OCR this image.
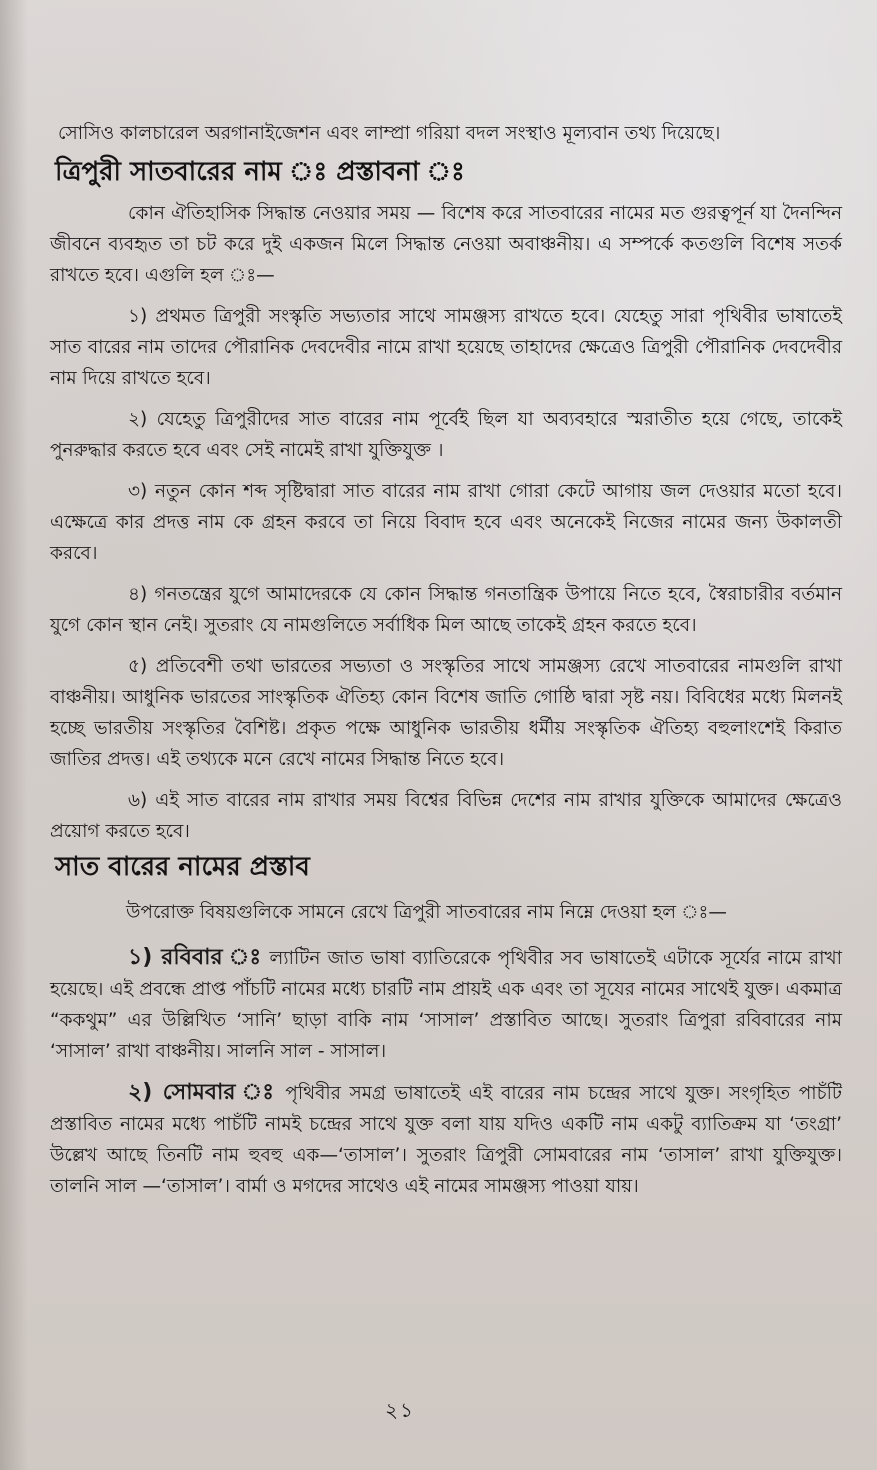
সোসিও কালচারেল অরগানাইজেশন এবং লাম্প্রা গরিয়া বদল সংস্থাও মূল্যবান তথ্য দিয়েছে।

ত্রিপুরী সাতবারের নাম ঃ প্রস্তাবনা ঃ

কোন ঐতিহাসিক সিদ্ধান্ত নেওয়ার সময় — বিশেষ করে সাতবারের নামের মত গুরত্বপূর্ন যা দৈনন্দিন জীবনে ব্যবহৃত তা চট করে দুই একজন মিলে সিদ্ধান্ত নেওয়া অবাঞ্চনীয়। এ সম্পর্কে কতগুলি বিশেষ সতর্ক রাখতে হবে। এগুলি হল ঃ—

১) প্রথমত ত্রিপুরী সংস্কৃতি সভ্যতার সাথে সামঞ্জস্য রাখতে হবে। যেহেতু সারা পৃথিবীর ভাষাতেই সাত বারের নাম তাদের পৌরানিক দেবদেবীর নামে রাখা হয়েছে তাহাদের ক্ষেত্রেও ত্রিপুরী পৌরানিক দেবদেবীর নাম দিয়ে রাখতে হবে।

২) যেহেতু ত্রিপুরীদের সাত বারের নাম পূর্বেই ছিল যা অব্যবহারে স্মরাতীত হয়ে গেছে, তাকেই পুনরুদ্ধার করতে হবে এবং সেই নামেই রাখা যুক্তিযুক্ত ।

৩) নতুন কোন শব্দ সৃষ্টিদ্বারা সাত বারের নাম রাখা গোরা কেটে আগায় জল দেওয়ার মতো হবে। এক্ষেত্রে কার প্রদত্ত নাম কে গ্রহন করবে তা নিয়ে বিবাদ হবে এবং অনেকেই নিজের নামের জন্য উকালতী করবে।

৪) গনতন্ত্রের যুগে আমাদেরকে যে কোন সিদ্ধান্ত গনতান্ত্রিক উপায়ে নিতে হবে, স্বৈরাচারীর বর্তমান যুগে কোন স্থান নেই। সুতরাং যে নামগুলিতে সর্বাধিক মিল আছে তাকেই গ্রহন করতে হবে।

৫) প্রতিবেশী তথা ভারতের সভ্যতা ও সংস্কৃতির সাথে সামঞ্জস্য রেখে সাতবারের নামগুলি রাখা বাঞ্চনীয়। আধুনিক ভারতের সাংস্কৃতিক ঐতিহ্য কোন বিশেষ জাতি গোষ্ঠি দ্বারা সৃষ্ট নয়। বিবিধের মধ্যে মিলনই হচ্ছে ভারতীয় সংস্কৃতির বৈশিষ্ট। প্রকৃত পক্ষে আধুনিক ভারতীয় ধর্মীয় সংস্কৃতিক ঐতিহ্য বহুলাংশেই কিরাত জাতির প্রদত্ত। এই তথ্যকে মনে রেখে নামের সিদ্ধান্ত নিতে হবে।

৬) এই সাত বারের নাম রাখার সময় বিশ্বের বিভিন্ন দেশের নাম রাখার যুক্তিকে আমাদের ক্ষেত্রেও প্রয়োগ করতে হবে।

সাত বারের নামের প্রস্তাব

উপরোক্ত বিষয়গুলিকে সামনে রেখে ত্রিপুরী সাতবারের নাম নিম্নে দেওয়া হল ঃ—

১) রবিবার ঃ ল্যাটিন জাত ভাষা ব্যাতিরেকে পৃথিবীর সব ভাষাতেই এটাকে সূর্যের নামে রাখা হয়েছে। এই প্রবন্ধে প্রাপ্ত পাঁচটি নামের মধ্যে চারটি নাম প্রায়ই এক এবং তা সূযের নামের সাথেই যুক্ত। একমাত্র “ককথুম” এর উল্লিখিত ‘সানি’ ছাড়া বাকি নাম ‘সাসাল’ প্রস্তাবিত আছে। সুতরাং ত্রিপুরা রবিবারের নাম ‘সাসাল’ রাখা বাঞ্চনীয়। সালনি সাল - সাসাল।

২) সোমবার ঃ পৃথিবীর সমগ্র ভাষাতেই এই বারের নাম চন্দ্রের সাথে যুক্ত। সংগৃহিত পাচঁটি প্রস্তাবিত নামের মধ্যে পাচঁটি নামই চন্দ্রের সাথে যুক্ত বলা যায় যদিও একটি নাম একটু ব্যাতিক্রম যা ‘তংগ্রা’ উল্লেখ আছে তিনটি নাম হুবহু এক—‘তাসাল’। সুতরাং ত্রিপুরী সোমবারের নাম ‘তাসাল’ রাখা যুক্তিযুক্ত। তালনি সাল —‘তাসাল’। বার্মা ও মগদের সাথেও এই নামের সামঞ্জস্য পাওয়া যায়।

২১
